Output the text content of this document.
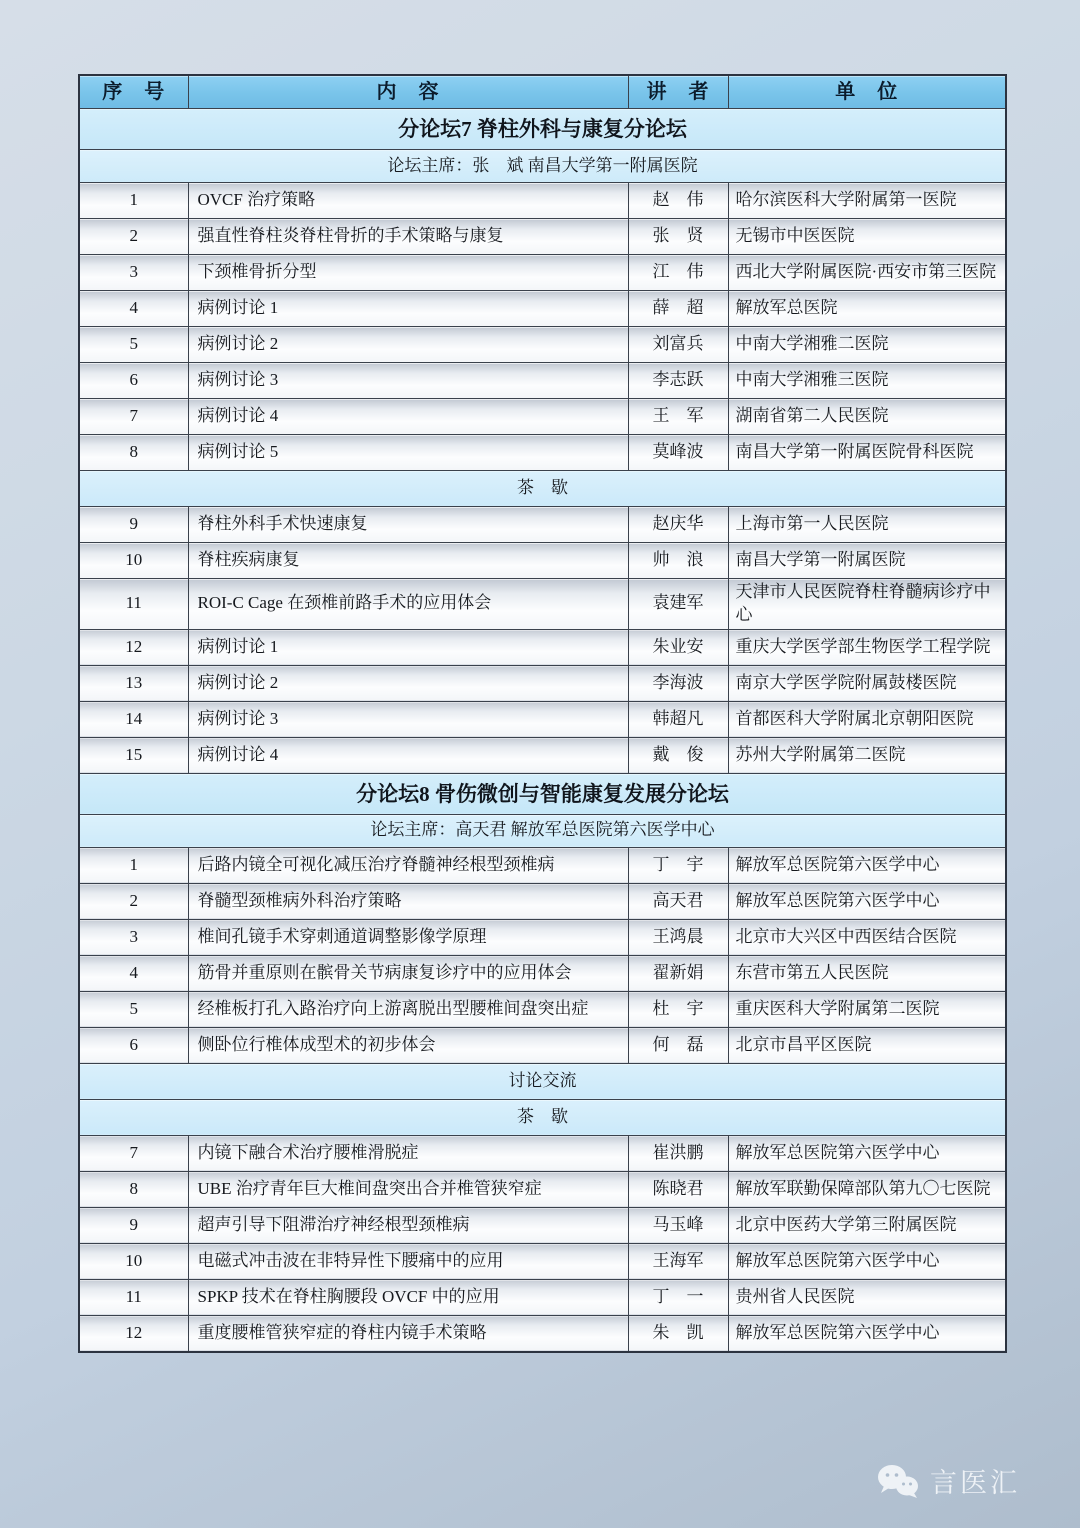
序　号	内　容	讲　者	单　位
分论坛7 脊柱外科与康复分论坛			
论坛主席：张　斌 南昌大学第一附属医院			
1	OVCF 治疗策略	赵　伟	哈尔滨医科大学附属第一医院
2	强直性脊柱炎脊柱骨折的手术策略与康复	张　贤	无锡市中医医院
3	下颈椎骨折分型	江　伟	西北大学附属医院·西安市第三医院
4	病例讨论 1	薛　超	解放军总医院
5	病例讨论 2	刘富兵	中南大学湘雅二医院
6	病例讨论 3	李志跃	中南大学湘雅三医院
7	病例讨论 4	王　军	湖南省第二人民医院
8	病例讨论 5	莫峰波	南昌大学第一附属医院骨科医院
茶　歇			
9	脊柱外科手术快速康复	赵庆华	上海市第一人民医院
10	脊柱疾病康复	帅　浪	南昌大学第一附属医院
11	ROI-C Cage 在颈椎前路手术的应用体会	袁建军	天津市人民医院脊柱脊髓病诊疗中心
12	病例讨论 1	朱业安	重庆大学医学部生物医学工程学院
13	病例讨论 2	李海波	南京大学医学院附属鼓楼医院
14	病例讨论 3	韩超凡	首都医科大学附属北京朝阳医院
15	病例讨论 4	戴　俊	苏州大学附属第二医院
分论坛8 骨伤微创与智能康复发展分论坛			
论坛主席：高天君 解放军总医院第六医学中心			
1	后路内镜全可视化减压治疗脊髓神经根型颈椎病	丁　宇	解放军总医院第六医学中心
2	脊髓型颈椎病外科治疗策略	高天君	解放军总医院第六医学中心
3	椎间孔镜手术穿刺通道调整影像学原理	王鸿晨	北京市大兴区中西医结合医院
4	筋骨并重原则在髌骨关节病康复诊疗中的应用体会	翟新娟	东营市第五人民医院
5	经椎板打孔入路治疗向上游离脱出型腰椎间盘突出症	杜　宇	重庆医科大学附属第二医院
6	侧卧位行椎体成型术的初步体会	何　磊	北京市昌平区医院
讨论交流			
茶　歇			
7	内镜下融合术治疗腰椎滑脱症	崔洪鹏	解放军总医院第六医学中心
8	UBE 治疗青年巨大椎间盘突出合并椎管狭窄症	陈晓君	解放军联勤保障部队第九〇七医院
9	超声引导下阻滞治疗神经根型颈椎病	马玉峰	北京中医药大学第三附属医院
10	电磁式冲击波在非特异性下腰痛中的应用	王海军	解放军总医院第六医学中心
11	SPKP 技术在脊柱胸腰段 OVCF 中的应用	丁　一	贵州省人民医院
12	重度腰椎管狭窄症的脊柱内镜手术策略	朱　凯	解放军总医院第六医学中心
言医汇
